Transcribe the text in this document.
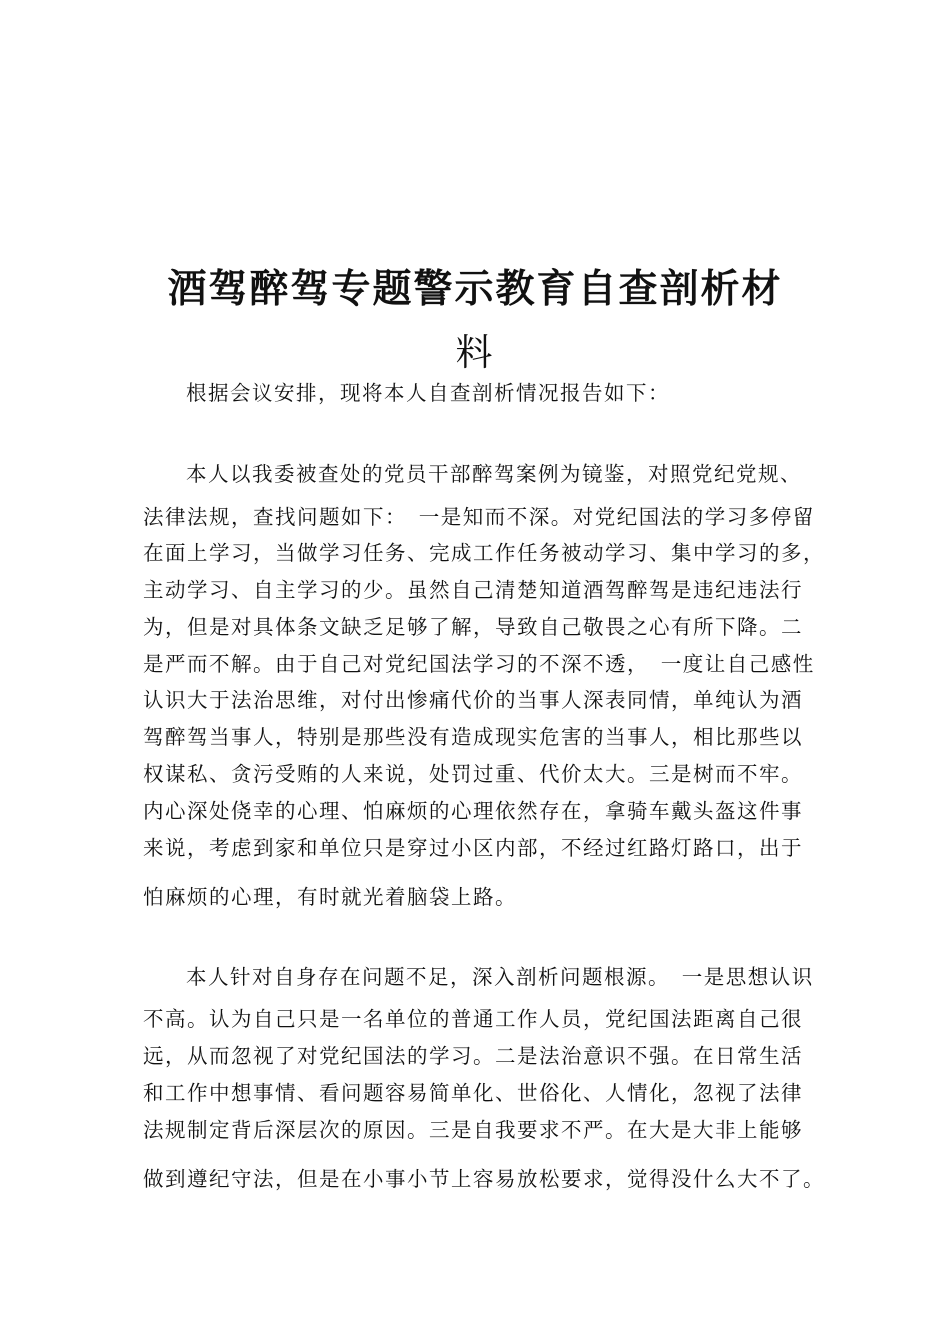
酒驾醉驾专题警示教育自查剖析材
料
根据会议安排，现将本人自查剖析情况报告如下：
本人以我委被查处的党员干部醉驾案例为镜鉴，对照党纪党规、
法律法规，查找问题如下：　一是知而不深。对党纪国法的学习多停留
在面上学习，当做学习任务、完成工作任务被动学习、集中学习的多，
主动学习、自主学习的少。虽然自己清楚知道酒驾醉驾是违纪违法行
为，但是对具体条文缺乏足够了解，导致自己敬畏之心有所下降。二
是严而不解。由于自己对党纪国法学习的不深不透，　一度让自己感性
认识大于法治思维，对付出惨痛代价的当事人深表同情，单纯认为酒
驾醉驾当事人，特别是那些没有造成现实危害的当事人，相比那些以
权谋私、贪污受贿的人来说，处罚过重、代价太大。三是树而不牢。
内心深处侥幸的心理、怕麻烦的心理依然存在，拿骑车戴头盔这件事
来说，考虑到家和单位只是穿过小区内部，不经过红路灯路口，出于
怕麻烦的心理，有时就光着脑袋上路。
本人针对自身存在问题不足，深入剖析问题根源。　一是思想认识
不高。认为自己只是一名单位的普通工作人员，党纪国法距离自己很
远，从而忽视了对党纪国法的学习。二是法治意识不强。在日常生活
和工作中想事情、看问题容易简单化、世俗化、人情化，忽视了法律
法规制定背后深层次的原因。三是自我要求不严。在大是大非上能够
做到遵纪守法，但是在小事小节上容易放松要求，觉得没什么大不了。
